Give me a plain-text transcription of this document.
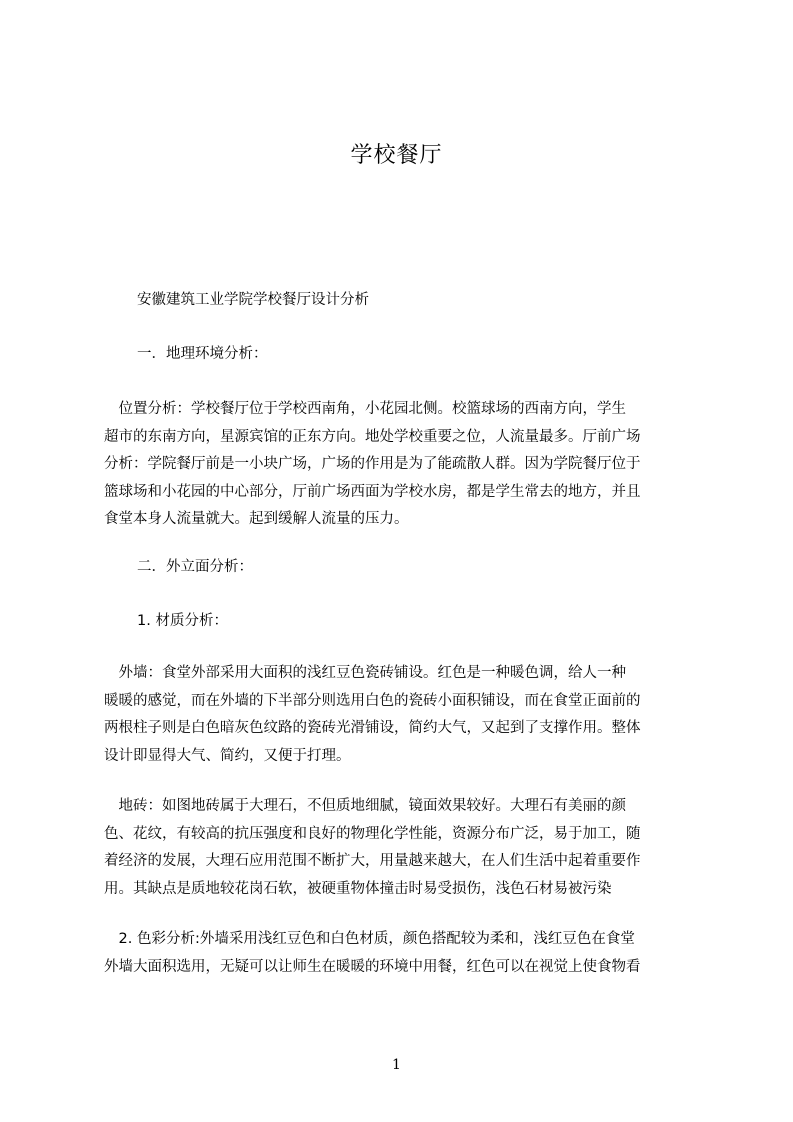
学校餐厅
安徽建筑工业学院学校餐厅设计分析
一．地理环境分析：
　位置分析：学校餐厅位于学校西南角，小花园北侧。校篮球场的西南方向，学生
超市的东南方向，星源宾馆的正东方向。地处学校重要之位，人流量最多。厅前广场
分析：学院餐厅前是一小块广场，广场的作用是为了能疏散人群。因为学院餐厅位于
篮球场和小花园的中心部分，厅前广场西面为学校水房，都是学生常去的地方，并且
食堂本身人流量就大。起到缓解人流量的压力。
二．外立面分析：
1. 材质分析：
　外墙：食堂外部采用大面积的浅红豆色瓷砖铺设。红色是一种暖色调，给人一种
暖暖的感觉，而在外墙的下半部分则选用白色的瓷砖小面积铺设，而在食堂正面前的
两根柱子则是白色暗灰色纹路的瓷砖光滑铺设，简约大气，又起到了支撑作用。整体
设计即显得大气、简约，又便于打理。
　地砖：如图地砖属于大理石，不但质地细腻，镜面效果较好。大理石有美丽的颜
色、花纹，有较高的抗压强度和良好的物理化学性能，资源分布广泛，易于加工，随
着经济的发展，大理石应用范围不断扩大，用量越来越大，在人们生活中起着重要作
用。其缺点是质地较花岗石软，被硬重物体撞击时易受损伤，浅色石材易被污染
　2. 色彩分析:外墙采用浅红豆色和白色材质，颜色搭配较为柔和，浅红豆色在食堂
外墙大面积选用，无疑可以让师生在暖暖的环境中用餐，红色可以在视觉上使食物看
1
